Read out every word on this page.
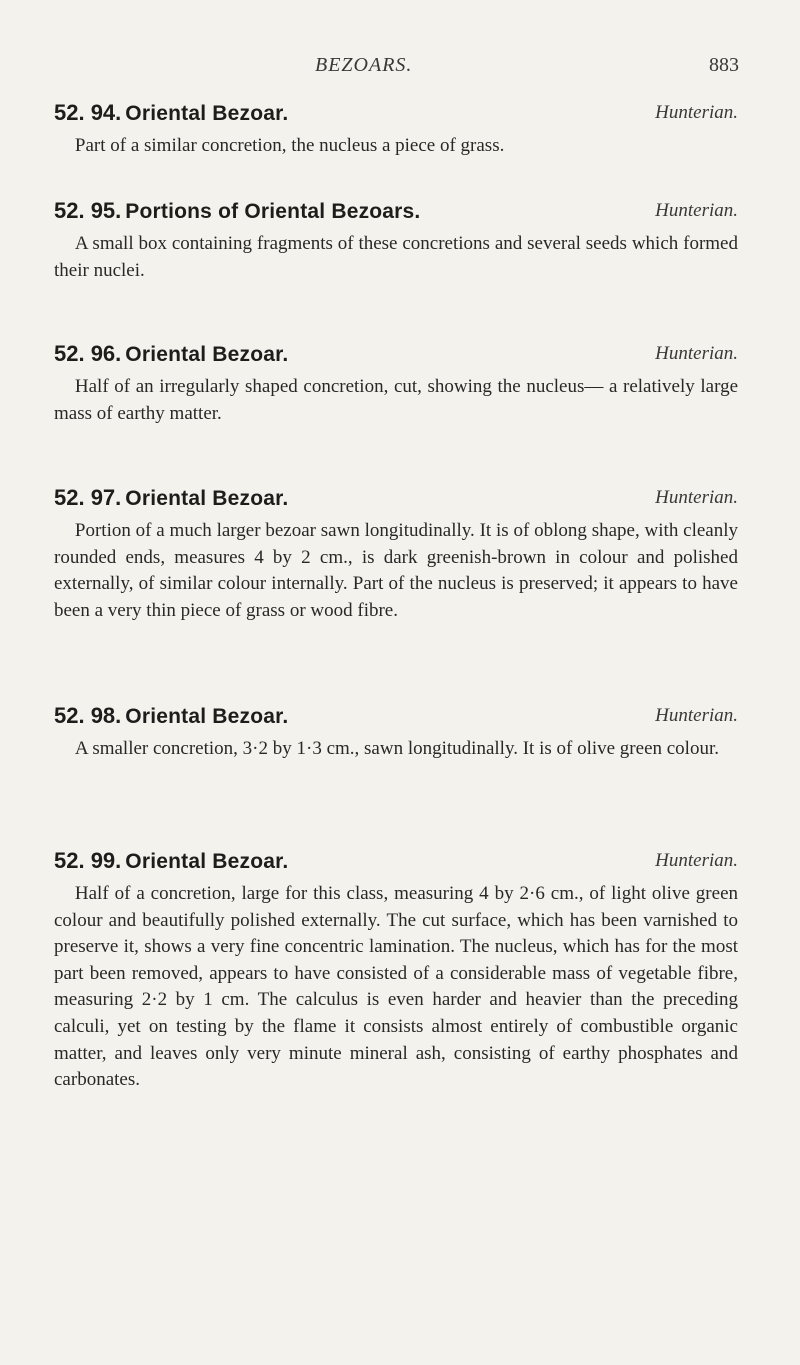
BEZOARS.	883
52. 94. Oriental Bezoar.	Hunterian.

Part of a similar concretion, the nucleus a piece of grass.

52. 95. Portions of Oriental Bezoars.	Hunterian.

A small box containing fragments of these concretions and several seeds which formed their nuclei.

52. 96. Oriental Bezoar.	Hunterian.

Half of an irregularly shaped concretion, cut, showing the nucleus— a relatively large mass of earthy matter.

52. 97. Oriental Bezoar.	Hunterian.

Portion of a much larger bezoar sawn longitudinally. It is of oblong shape, with cleanly rounded ends, measures 4 by 2 cm., is dark greenish-brown in colour and polished externally, of similar colour internally. Part of the nucleus is preserved; it appears to have been a very thin piece of grass or wood fibre.

52. 98. Oriental Bezoar.	Hunterian.

A smaller concretion, 3·2 by 1·3 cm., sawn longitudinally. It is of olive green colour.

52. 99. Oriental Bezoar.	Hunterian.

Half of a concretion, large for this class, measuring 4 by 2·6 cm., of light olive green colour and beautifully polished externally. The cut surface, which has been varnished to preserve it, shows a very fine concentric lamination. The nucleus, which has for the most part been removed, appears to have consisted of a considerable mass of vegetable fibre, measuring 2·2 by 1 cm. The calculus is even harder and heavier than the preceding calculi, yet on testing by the flame it consists almost entirely of combustible organic matter, and leaves only very minute mineral ash, consisting of earthy phosphates and carbonates.
